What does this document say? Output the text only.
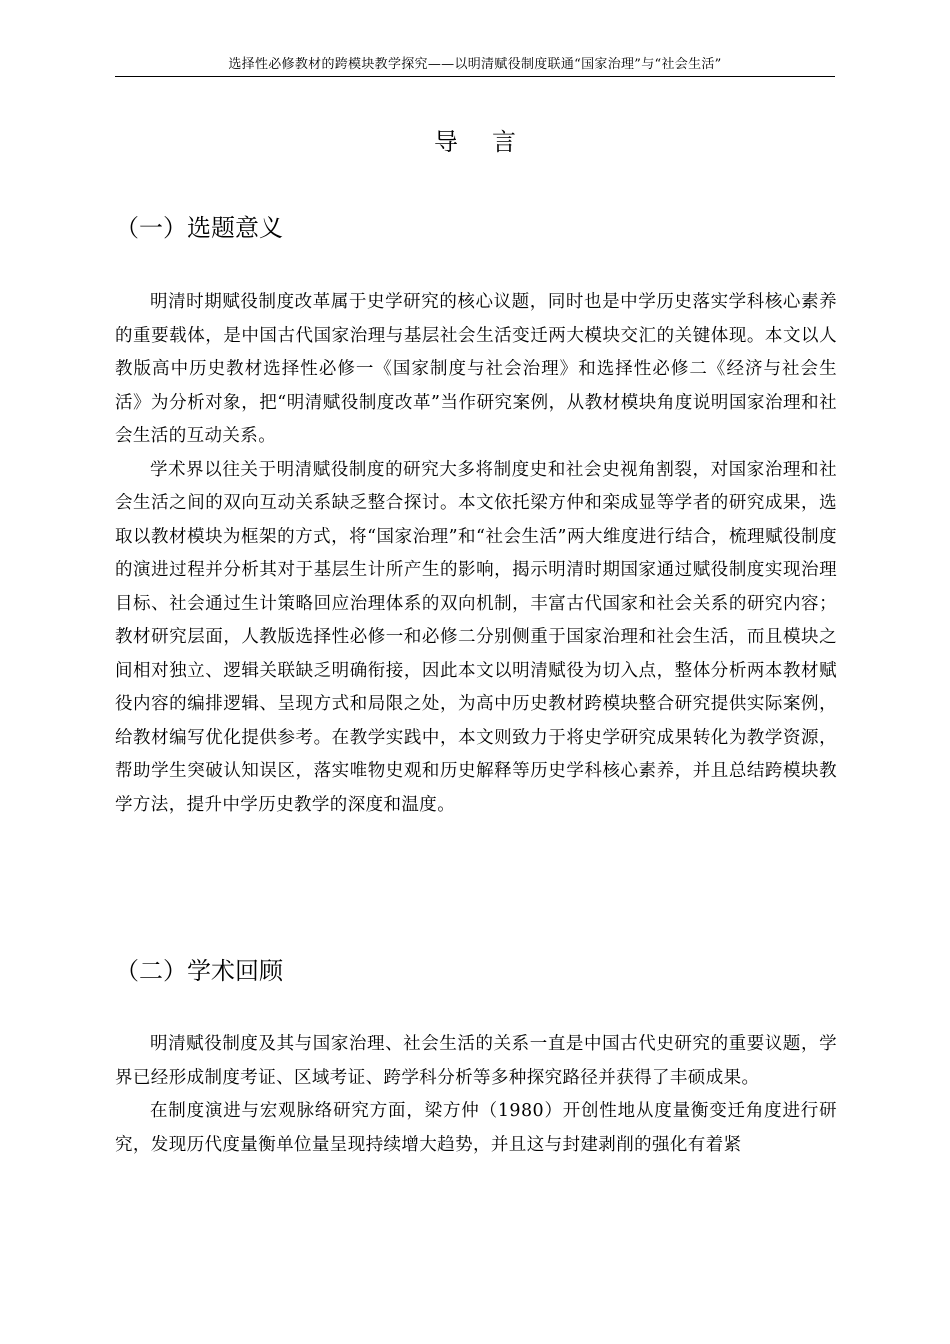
选择性必修教材的跨模块教学探究——以明清赋役制度联通“国家治理”与“社会生活”
导言
（一）选题意义

明清时期赋役制度改革属于史学研究的核心议题，同时也是中学历史落实学科核心素养的重要载体，是中国古代国家治理与基层社会生活变迁两大模块交汇的关键体现。本文以人教版高中历史教材选择性必修一《国家制度与社会治理》和选择性必修二《经济与社会生活》为分析对象，把“明清赋役制度改革”当作研究案例，从教材模块角度说明国家治理和社会生活的互动关系。

学术界以往关于明清赋役制度的研究大多将制度史和社会史视角割裂，对国家治理和社会生活之间的双向互动关系缺乏整合探讨。本文依托梁方仲和栾成显等学者的研究成果，选取以教材模块为框架的方式，将“国家治理”和“社会生活”两大维度进行结合，梳理赋役制度的演进过程并分析其对于基层生计所产生的影响，揭示明清时期国家通过赋役制度实现治理目标、社会通过生计策略回应治理体系的双向机制，丰富古代国家和社会关系的研究内容；教材研究层面，人教版选择性必修一和必修二分别侧重于国家治理和社会生活，而且模块之间相对独立、逻辑关联缺乏明确衔接，因此本文以明清赋役为切入点，整体分析两本教材赋役内容的编排逻辑、呈现方式和局限之处，为高中历史教材跨模块整合研究提供实际案例，给教材编写优化提供参考。在教学实践中，本文则致力于将史学研究成果转化为教学资源，帮助学生突破认知误区，落实唯物史观和历史解释等历史学科核心素养，并且总结跨模块教学方法，提升中学历史教学的深度和温度。

（二）学术回顾

明清赋役制度及其与国家治理、社会生活的关系一直是中国古代史研究的重要议题，学界已经形成制度考证、区域考证、跨学科分析等多种探究路径并获得了丰硕成果。

在制度演进与宏观脉络研究方面，梁方仲（1980）开创性地从度量衡变迁角度进行研究，发现历代度量衡单位量呈现持续增大趋势，并且这与封建剥削的强化有着紧
